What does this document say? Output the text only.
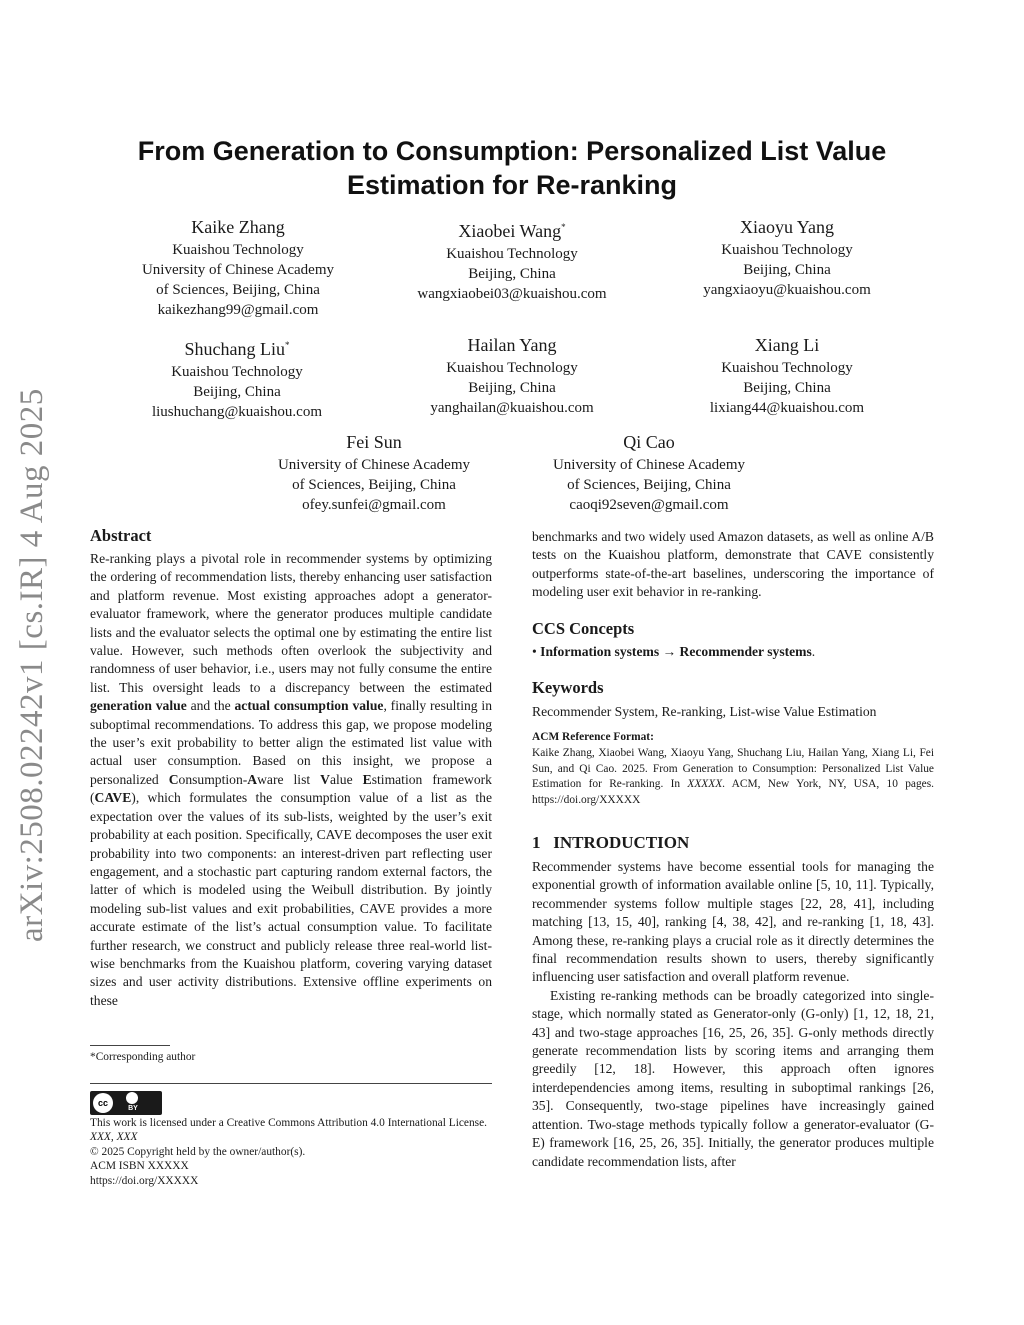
arXiv:2508.02242v1 [cs.IR] 4 Aug 2025
From Generation to Consumption: Personalized List Value
Estimation for Re-ranking
Kaike Zhang
Kuaishou Technology
University of Chinese Academy
of Sciences, Beijing, China
kaikezhang99@gmail.com
Xiaobei Wang*
Kuaishou Technology
Beijing, China
wangxiaobei03@kuaishou.com
Xiaoyu Yang
Kuaishou Technology
Beijing, China
yangxiaoyu@kuaishou.com
Shuchang Liu*
Kuaishou Technology
Beijing, China
liushuchang@kuaishou.com
Hailan Yang
Kuaishou Technology
Beijing, China
yanghailan@kuaishou.com
Xiang Li
Kuaishou Technology
Beijing, China
lixiang44@kuaishou.com
Fei Sun
University of Chinese Academy
of Sciences, Beijing, China
ofey.sunfei@gmail.com
Qi Cao
University of Chinese Academy
of Sciences, Beijing, China
caoqi92seven@gmail.com
Abstract
Re-ranking plays a pivotal role in recommender systems by optimizing the ordering of recommendation lists, thereby enhancing user satisfaction and platform revenue. Most existing approaches adopt a generator-evaluator framework, where the generator produces multiple candidate lists and the evaluator selects the optimal one by estimating the entire list value. However, such methods often overlook the subjectivity and randomness of user behavior, i.e., users may not fully consume the entire list. This oversight leads to a discrepancy between the estimated generation value and the actual consumption value, finally resulting in suboptimal recommendations. To address this gap, we propose modeling the user’s exit probability to better align the estimated list value with actual user consumption. Based on this insight, we propose a personalized Consumption-Aware list Value Estimation framework (CAVE), which formulates the consumption value of a list as the expectation over the values of its sub-lists, weighted by the user’s exit probability at each position. Specifically, CAVE decomposes the user exit probability into two components: an interest-driven part reflecting user engagement, and a stochastic part capturing random external factors, the latter of which is modeled using the Weibull distribution. By jointly modeling sub-list values and exit probabilities, CAVE provides a more accurate estimate of the list’s actual consumption value. To facilitate further research, we construct and publicly release three real-world list-wise benchmarks from the Kuaishou platform, covering varying dataset sizes and user activity distributions. Extensive offline experiments on these
*Corresponding author
cc
BY
This work is licensed under a Creative Commons Attribution 4.0 International License.
XXX, XXX
© 2025 Copyright held by the owner/author(s).
ACM ISBN XXXXX
https://doi.org/XXXXX
benchmarks and two widely used Amazon datasets, as well as online A/B tests on the Kuaishou platform, demonstrate that CAVE consistently outperforms state-of-the-art baselines, underscoring the importance of modeling user exit behavior in re-ranking.
CCS Concepts
• Information systems → Recommender systems.
Keywords
Recommender System, Re-ranking, List-wise Value Estimation
ACM Reference Format:
Kaike Zhang, Xiaobei Wang, Xiaoyu Yang, Shuchang Liu, Hailan Yang, Xiang Li, Fei Sun, and Qi Cao. 2025. From Generation to Consumption: Personalized List Value Estimation for Re-ranking. In XXXXX. ACM, New York, NY, USA, 10 pages. https://doi.org/XXXXX
1 INTRODUCTION

Recommender systems have become essential tools for managing the exponential growth of information available online [5, 10, 11]. Typically, recommender systems follow multiple stages [22, 28, 41], including matching [13, 15, 40], ranking [4, 38, 42], and re-ranking [1, 18, 43]. Among these, re-ranking plays a crucial role as it directly determines the final recommendation results shown to users, thereby significantly influencing user satisfaction and overall platform revenue.

Existing re-ranking methods can be broadly categorized into single-stage, which normally stated as Generator-only (G-only) [1, 12, 18, 21, 43] and two-stage approaches [16, 25, 26, 35]. G-only methods directly generate recommendation lists by scoring items and arranging them greedily [12, 18]. However, this approach often ignores interdependencies among items, resulting in suboptimal rankings [26, 35]. Consequently, two-stage pipelines have increasingly gained attention. Two-stage methods typically follow a generator-evaluator (G-E) framework [16, 25, 26, 35]. Initially, the generator produces multiple candidate recommendation lists, after
